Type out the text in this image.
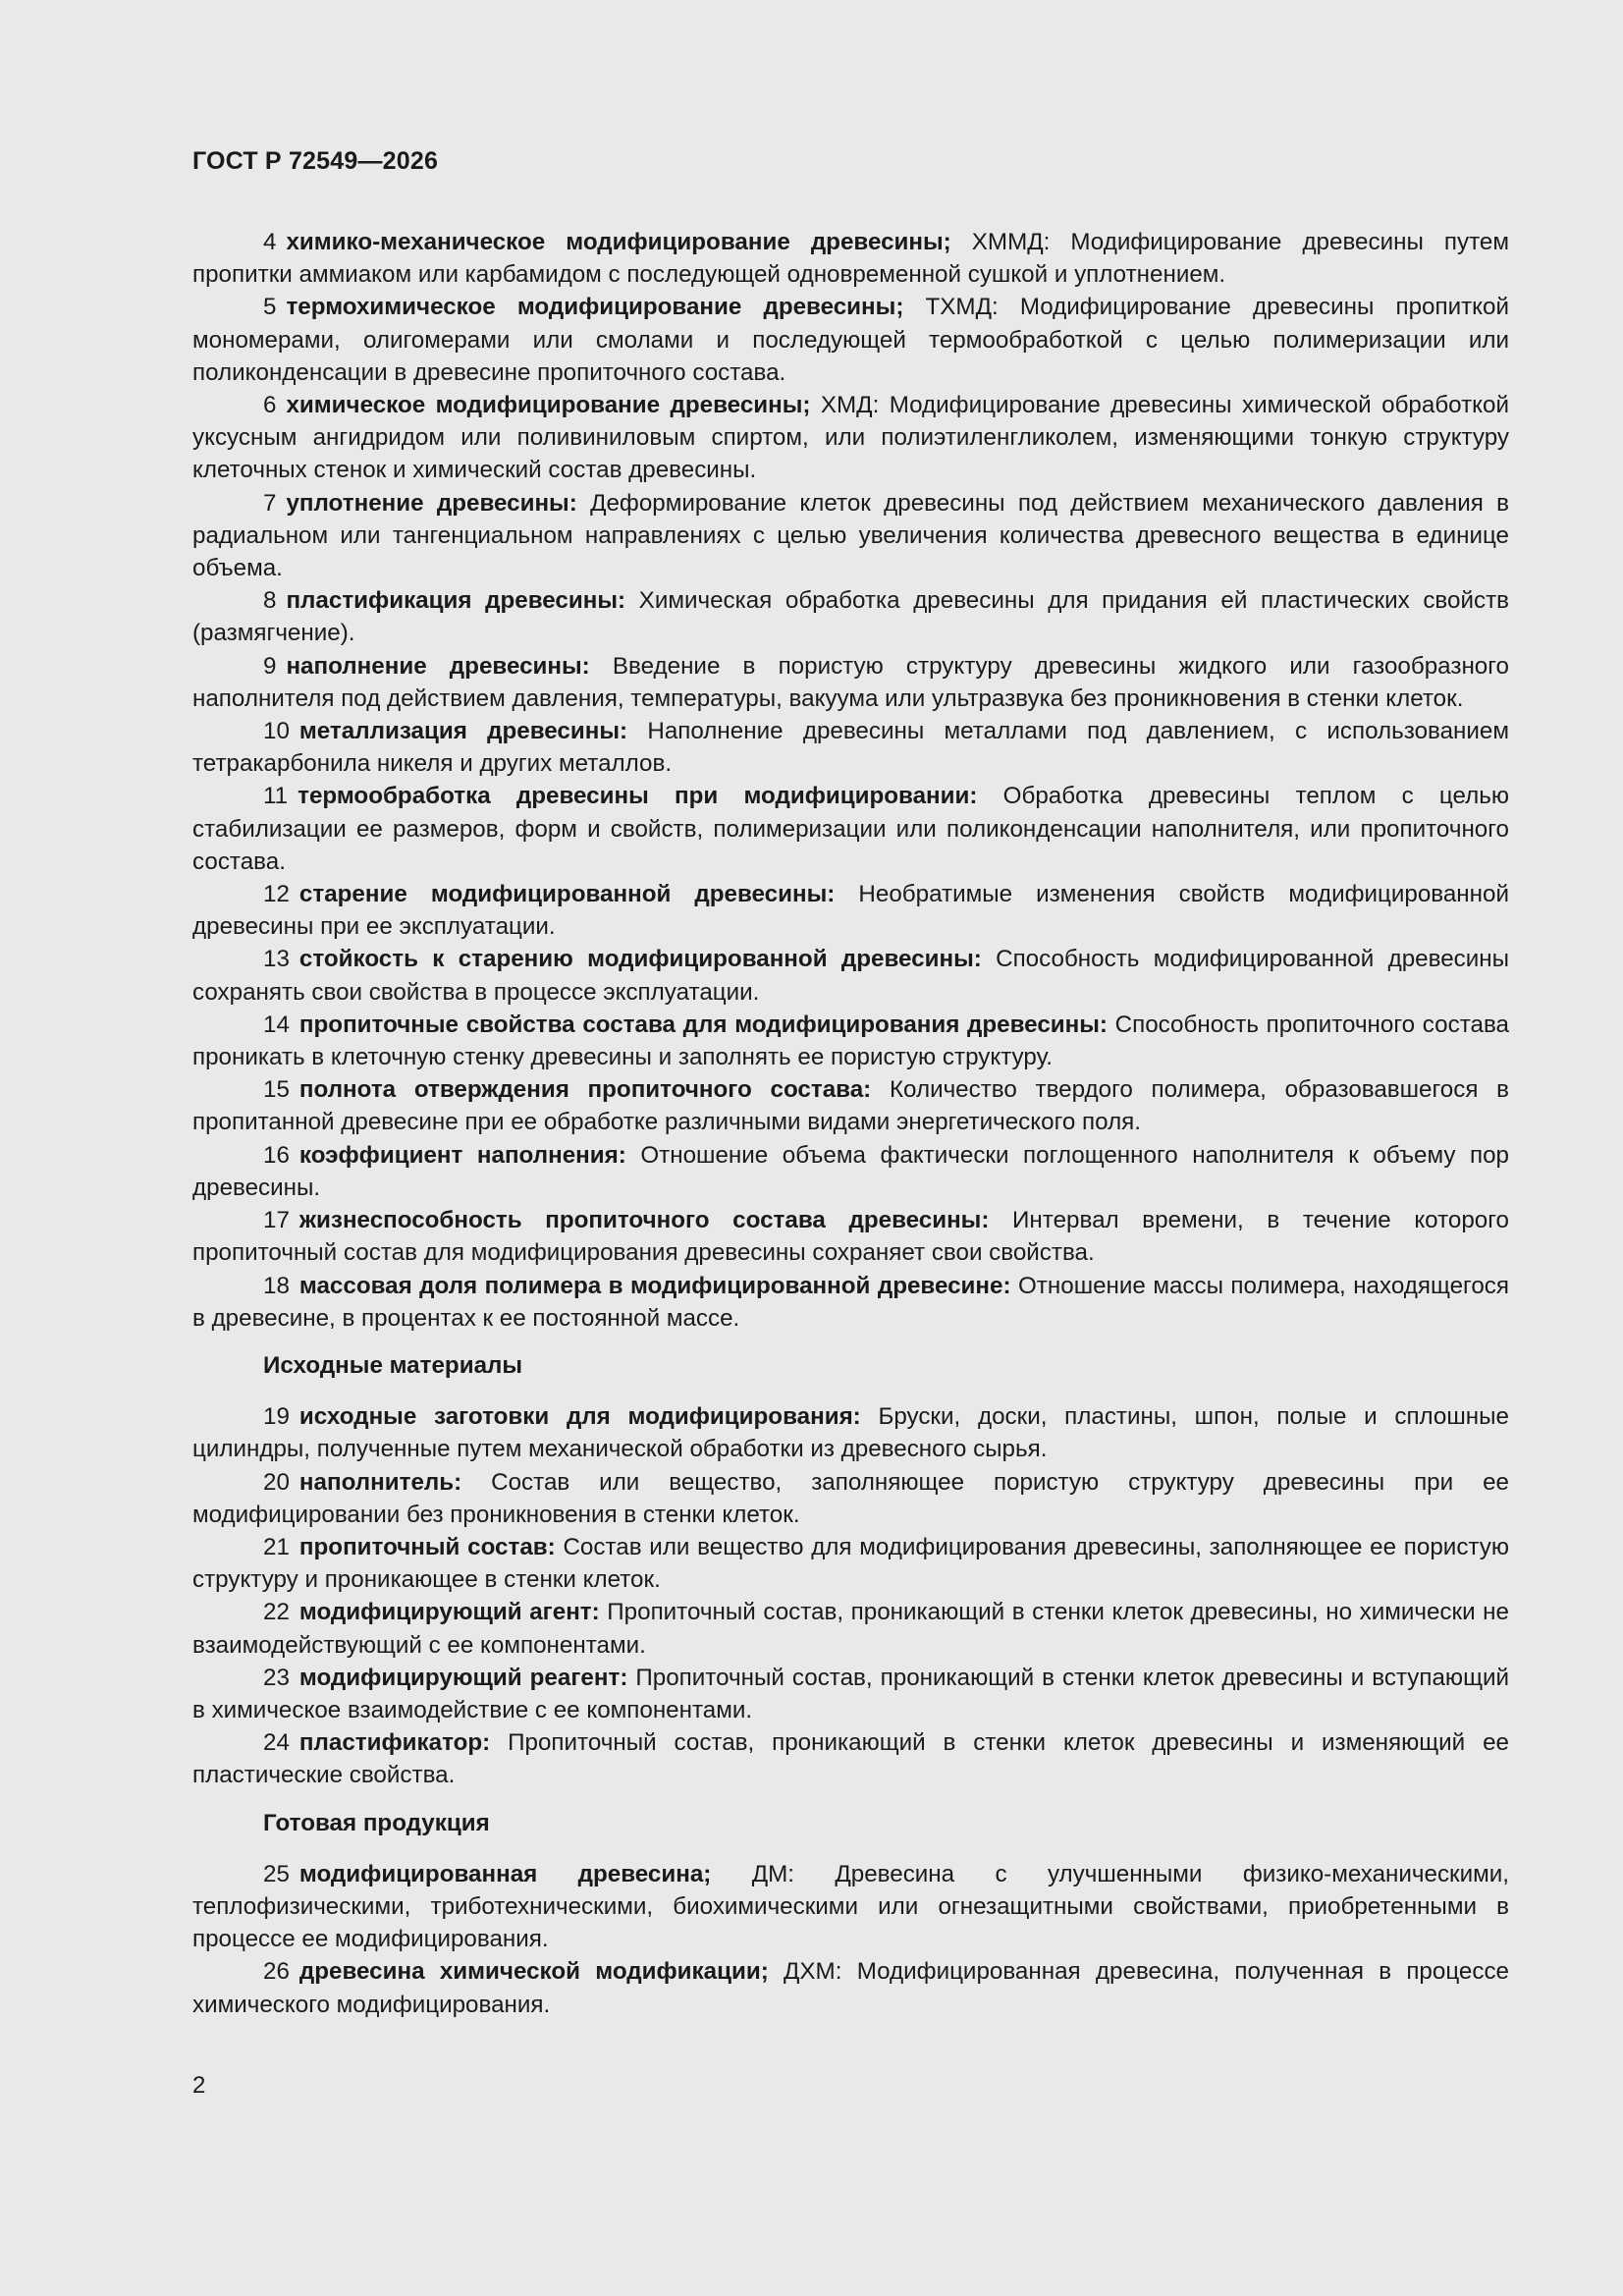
ГОСТ Р 72549—2026

4 химико-механическое модифицирование древесины; ХММД: Модифицирование древесины путем пропитки аммиаком или карбамидом с последующей одновременной сушкой и уплотнением.

5 термохимическое модифицирование древесины; ТХМД: Модифицирование древесины пропиткой мономерами, олигомерами или смолами и последующей термообработкой с целью полимеризации или поликонденсации в древесине пропиточного состава.

6 химическое модифицирование древесины; ХМД: Модифицирование древесины химической обработкой уксусным ангидридом или поливиниловым спиртом, или полиэтиленгликолем, изменяющими тонкую структуру клеточных стенок и химический состав древесины.

7 уплотнение древесины: Деформирование клеток древесины под действием механического давления в радиальном или тангенциальном направлениях с целью увеличения количества древесного вещества в единице объема.

8 пластификация древесины: Химическая обработка древесины для придания ей пластических свойств (размягчение).

9 наполнение древесины: Введение в пористую структуру древесины жидкого или газообразного наполнителя под действием давления, температуры, вакуума или ультразвука без проникновения в стенки клеток.

10 металлизация древесины: Наполнение древесины металлами под давлением, с использованием тетракарбонила никеля и других металлов.

11 термообработка древесины при модифицировании: Обработка древесины теплом с целью стабилизации ее размеров, форм и свойств, полимеризации или поликонденсации наполнителя, или пропиточного состава.

12 старение модифицированной древесины: Необратимые изменения свойств модифицированной древесины при ее эксплуатации.

13 стойкость к старению модифицированной древесины: Способность модифицированной древесины сохранять свои свойства в процессе эксплуатации.

14 пропиточные свойства состава для модифицирования древесины: Способность пропиточного состава проникать в клеточную стенку древесины и заполнять ее пористую структуру.

15 полнота отверждения пропиточного состава: Количество твердого полимера, образовавшегося в пропитанной древесине при ее обработке различными видами энергетического поля.

16 коэффициент наполнения: Отношение объема фактически поглощенного наполнителя к объему пор древесины.

17 жизнеспособность пропиточного состава древесины: Интервал времени, в течение которого пропиточный состав для модифицирования древесины сохраняет свои свойства.

18 массовая доля полимера в модифицированной древесине: Отношение массы полимера, находящегося в древесине, в процентах к ее постоянной массе.

Исходные материалы

19 исходные заготовки для модифицирования: Бруски, доски, пластины, шпон, полые и сплошные цилиндры, полученные путем механической обработки из древесного сырья.

20 наполнитель: Состав или вещество, заполняющее пористую структуру древесины при ее модифицировании без проникновения в стенки клеток.

21 пропиточный состав: Состав или вещество для модифицирования древесины, заполняющее ее пористую структуру и проникающее в стенки клеток.

22 модифицирующий агент: Пропиточный состав, проникающий в стенки клеток древесины, но химически не взаимодействующий с ее компонентами.

23 модифицирующий реагент: Пропиточный состав, проникающий в стенки клеток древесины и вступающий в химическое взаимодействие с ее компонентами.

24 пластификатор: Пропиточный состав, проникающий в стенки клеток древесины и изменяющий ее пластические свойства.

Готовая продукция

25 модифицированная древесина; ДМ: Древесина с улучшенными физико-механическими, теплофизическими, триботехническими, биохимическими или огнезащитными свойствами, приобретенными в процессе ее модифицирования.

26 древесина химической модификации; ДХМ: Модифицированная древесина, полученная в процессе химического модифицирования.

2
